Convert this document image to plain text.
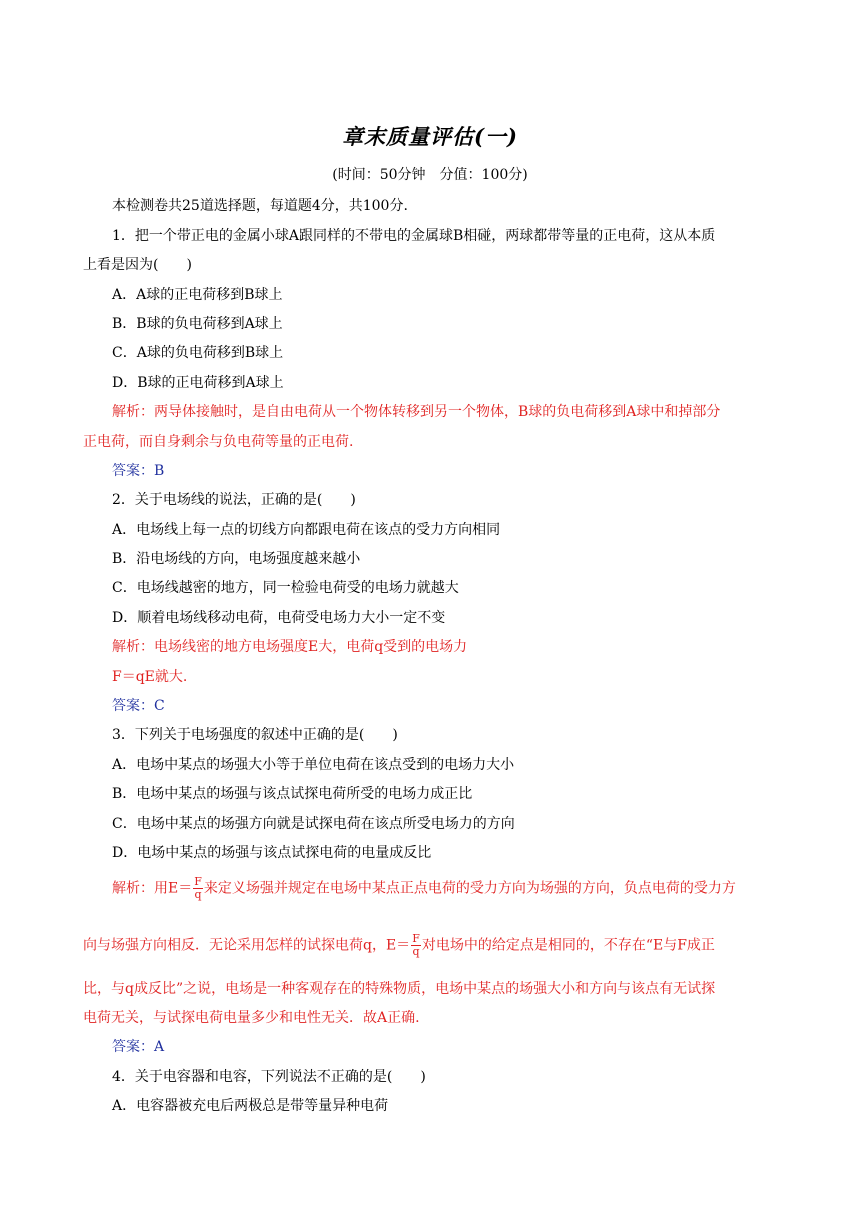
章末质量评估(一)
(时间：50分钟　分值：100分)
本检测卷共25道选择题，每道题4分，共100分.
1．把一个带正电的金属小球A跟同样的不带电的金属球B相碰，两球都带等量的正电荷，这从本质
上看是因为(　　)
A．A球的正电荷移到B球上
B．B球的负电荷移到A球上
C．A球的负电荷移到B球上
D．B球的正电荷移到A球上
解析：两导体接触时，是自由电荷从一个物体转移到另一个物体，B球的负电荷移到A球中和掉部分
正电荷，而自身剩余与负电荷等量的正电荷.
答案：B
2．关于电场线的说法，正确的是(　　)
A．电场线上每一点的切线方向都跟电荷在该点的受力方向相同
B．沿电场线的方向，电场强度越来越小
C．电场线越密的地方，同一检验电荷受的电场力就越大
D．顺着电场线移动电荷，电荷受电场力大小一定不变
解析：电场线密的地方电场强度E大，电荷q受到的电场力
F＝qE就大.
答案：C
3．下列关于电场强度的叙述中正确的是(　　)
A．电场中某点的场强大小等于单位电荷在该点受到的电场力大小
B．电场中某点的场强与该点试探电荷所受的电场力成正比
C．电场中某点的场强方向就是试探电荷在该点所受电场力的方向
D．电场中某点的场强与该点试探电荷的电量成反比
解析：用$E= \frac{F}{q}$ 来定义场强并规定在电场中某点正点电荷的受力方向为场强的方向，负点电荷的受力方
向与场强方向相反．无论采用怎样的试探电荷q，$E= \frac{F}{q}$ 对电场中的给定点是相同的，不存在“E与F成正
比，与q成反比”之说，电场是一种客观存在的特殊物质，电场中某点的场强大小和方向与该点有无试探
电荷无关，与试探电荷电量多少和电性无关．故A正确.
答案：A
4．关于电容器和电容，下列说法不正确的是(　　)
A．电容器被充电后两极总是带等量异种电荷
